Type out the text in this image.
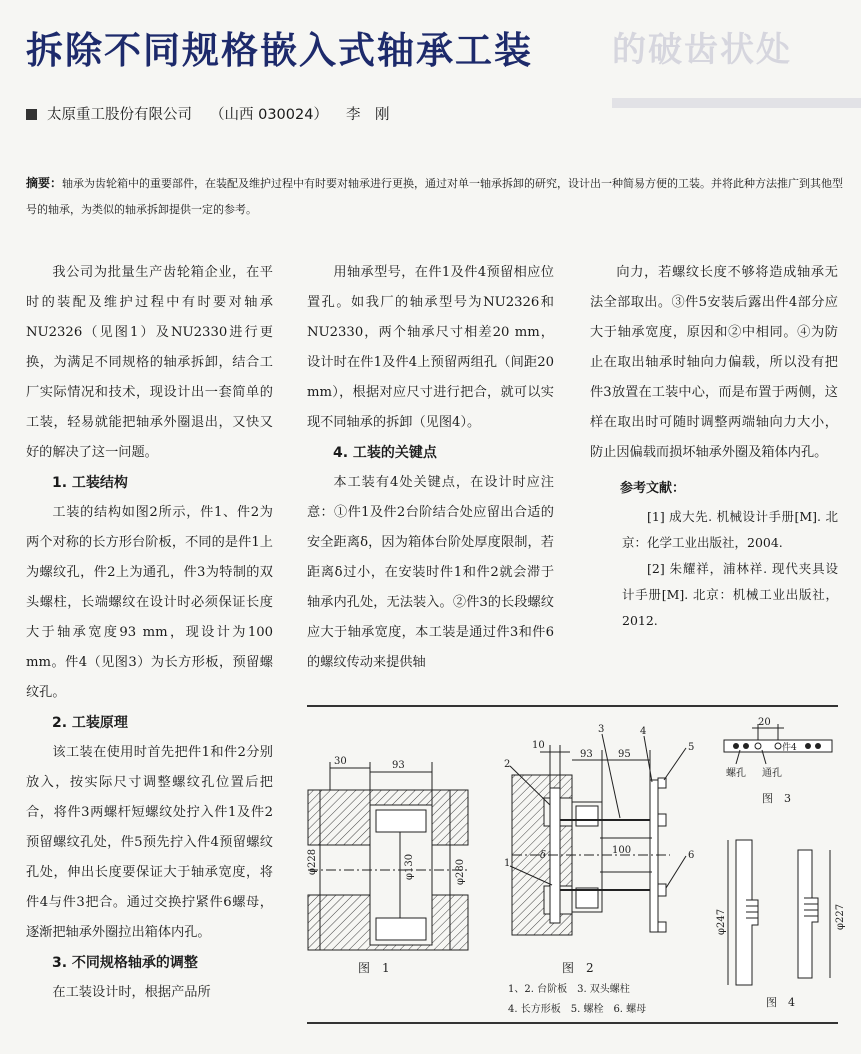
的破齿状处
拆除不同规格嵌入式轴承工装
太原重工股份有限公司 （山西 030024） 李　刚
摘要：轴承为齿轮箱中的重要部件，在装配及维护过程中有时要对轴承进行更换，通过对单一轴承拆卸的研究，设计出一种简易方便的工装。并将此种方法推广到其他型号的轴承，为类似的轴承拆卸提供一定的参考。

我公司为批量生产齿轮箱企业，在平时的装配及维护过程中有时要对轴承NU2326（见图1）及NU2330进行更换，为满足不同规格的轴承拆卸，结合工厂实际情况和技术，现设计出一套简单的工装，轻易就能把轴承外圈退出，又快又好的解决了这一问题。

1. 工装结构

工装的结构如图2所示，件1、件2为两个对称的长方形台阶板，不同的是件1上为螺纹孔，件2上为通孔，件3为特制的双头螺柱，长端螺纹在设计时必须保证长度大于轴承宽度93 mm，现设计为100 mm。件4（见图3）为长方形板，预留螺纹孔。

2. 工装原理

该工装在使用时首先把件1和件2分别放入，按实际尺寸调整螺纹孔位置后把合，将件3两螺杆短螺纹处拧入件1及件2预留螺纹孔处，件5预先拧入件4预留螺纹孔处，伸出长度要保证大于轴承宽度，将件4与件3把合。通过交换拧紧件6螺母，逐渐把轴承外圈拉出箱体内孔。

3. 不同规格轴承的调整

在工装设计时，根据产品所

用轴承型号，在件1及件4预留相应位置孔。如我厂的轴承型号为NU2326和NU2330，两个轴承尺寸相差20 mm，设计时在件1及件4上预留两组孔（间距20 mm），根据对应尺寸进行把合，就可以实现不同轴承的拆卸（见图4）。

4. 工装的关键点

本工装有4处关键点，在设计时应注意：①件1及件2台阶结合处应留出合适的安全距离δ，因为箱体台阶处厚度限制，若距离δ过小，在安装时件1和件2就会滞于轴承内孔处，无法装入。②件3的长段螺纹应大于轴承宽度，本工装是通过件3和件6的螺纹传动来提供轴

向力，若螺纹长度不够将造成轴承无法全部取出。③件5安装后露出件4部分应大于轴承宽度，原因和②中相同。④为防止在取出轴承时轴向力偏载，所以没有把件3放置在工装中心，而是布置于两侧，这样在取出时可随时调整两端轴向力大小，防止因偏载而损坏轴承外圈及箱体内孔。

参考文献：

[1] 成大先. 机械设计手册[M]. 北京：化学工业出版社，2004.

[2] 朱耀祥，浦林祥. 现代夹具设计手册[M]. 北京：机械工业出版社，2012.

30	93
φ228	φ130	φ280
图　1
10
93	95
100
δ
2
3	4
5
6
1
图　2
1、2. 台阶板　3. 双头螺柱
4. 长方形板　5. 螺栓　6. 螺母
20
件4
螺孔 通孔
图　3
φ247	φ227
图　4
